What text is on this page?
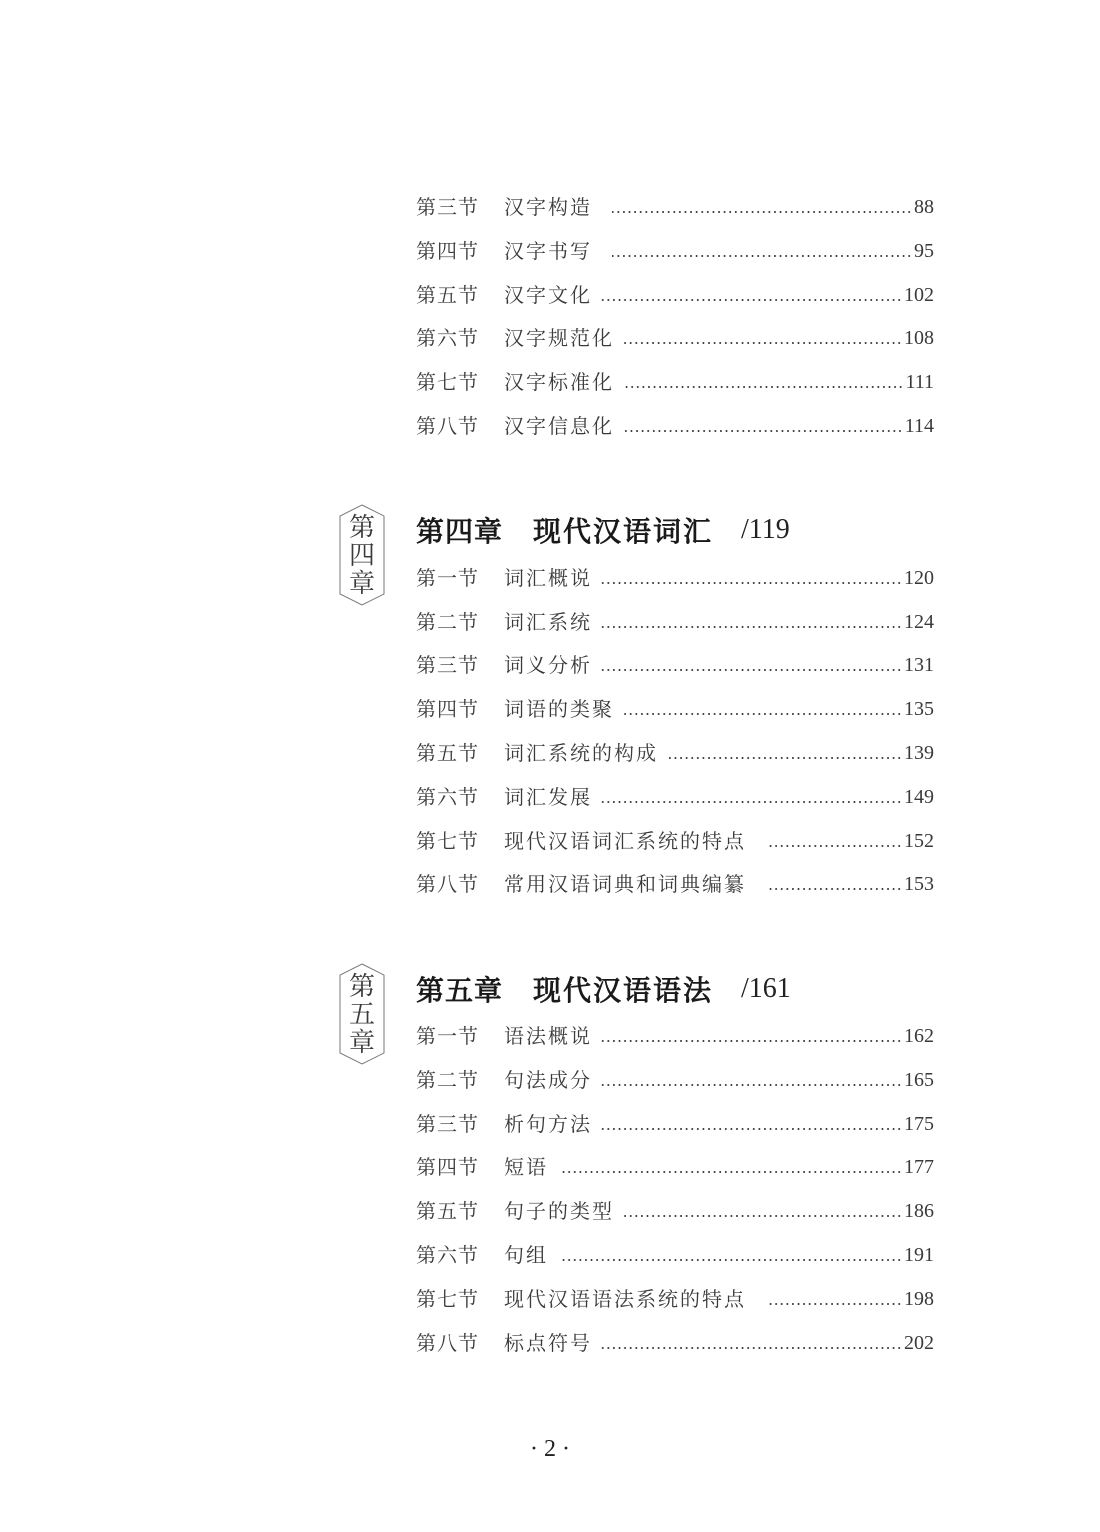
第三节	汉字构造	88
第四节	汉字书写	95
第五节	汉字文化	102
第六节	汉字规范化	108
第七节	汉字标准化	111
第八节	汉字信息化	114
第
四
章
第四章 现代汉语词汇 /119
第一节	词汇概说	120
第二节	词汇系统	124
第三节	词义分析	131
第四节	词语的类聚	135
第五节	词汇系统的构成	139
第六节	词汇发展	149
第七节	现代汉语词汇系统的特点	152
第八节	常用汉语词典和词典编纂	153
第
五
章
第五章 现代汉语语法 /161
第一节	语法概说	162
第二节	句法成分	165
第三节	析句方法	175
第四节	短语	177
第五节	句子的类型	186
第六节	句组	191
第七节	现代汉语语法系统的特点	198
第八节	标点符号	202
· 2 ·
